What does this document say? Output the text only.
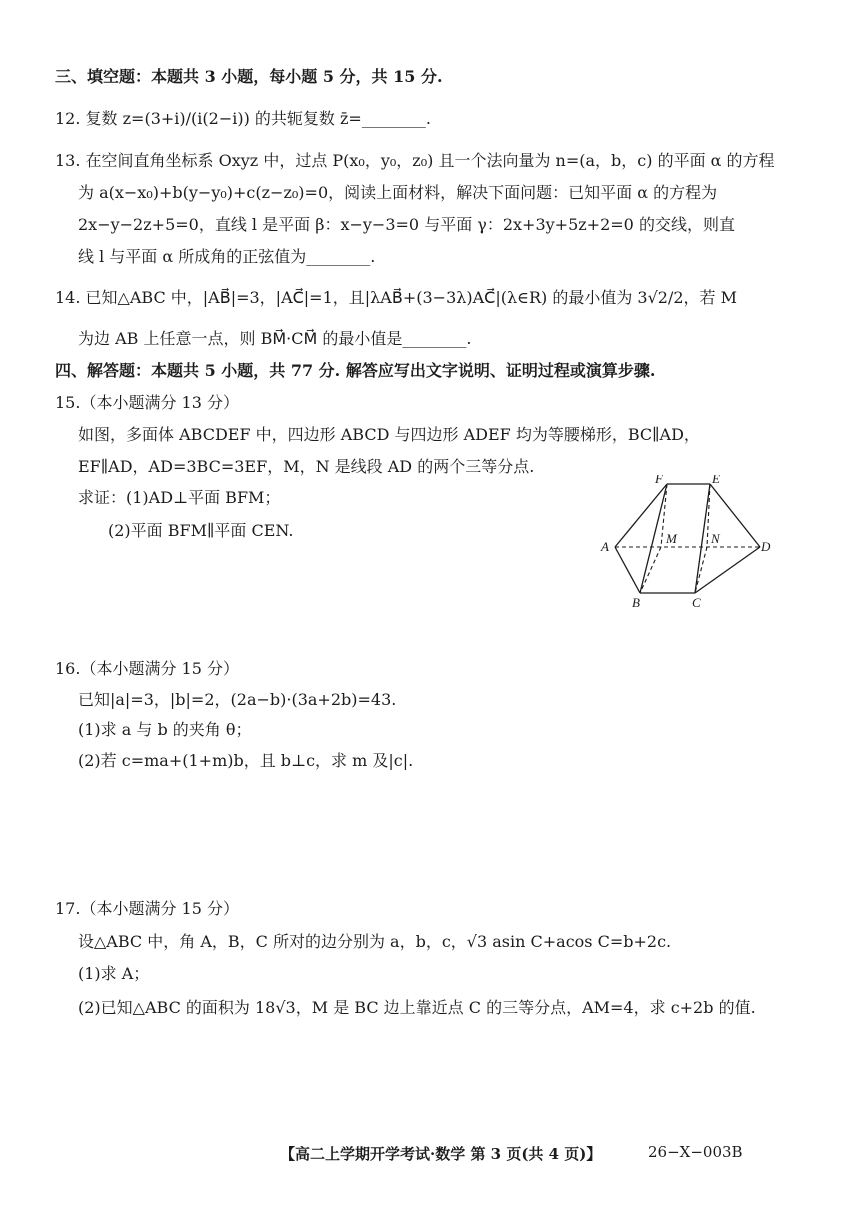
三、填空题：本题共 3 小题，每小题 5 分，共 15 分.
12. 复数 z=(3+i)/(i(2−i)) 的共轭复数 z̄=________.
13. 在空间直角坐标系 Oxyz 中，过点 P(x₀，y₀，z₀) 且一个法向量为 n=(a，b，c) 的平面 α 的方程
为 a(x−x₀)+b(y−y₀)+c(z−z₀)=0，阅读上面材料，解决下面问题：已知平面 α 的方程为
2x−y−2z+5=0，直线 l 是平面 β：x−y−3=0 与平面 γ：2x+3y+5z+2=0 的交线，则直
线 l 与平面 α 所成角的正弦值为________.
14. 已知△ABC 中，|AB⃗|=3，|AC⃗|=1，且|λAB⃗+(3−3λ)AC⃗|(λ∈R) 的最小值为 3√2/2，若 M
为边 AB 上任意一点，则 BM⃗·CM⃗ 的最小值是________.
四、解答题：本题共 5 小题，共 77 分. 解答应写出文字说明、证明过程或演算步骤.
15.（本小题满分 13 分）
如图，多面体 ABCDEF 中，四边形 ABCD 与四边形 ADEF 均为等腰梯形，BC∥AD，
EF∥AD，AD=3BC=3EF，M，N 是线段 AD 的两个三等分点.
求证：(1)AD⊥平面 BFM；
(2)平面 BFM∥平面 CEN.
F	E
A
M	N
D
B	C
16.（本小题满分 15 分）
已知|a|=3，|b|=2，(2a−b)·(3a+2b)=43.
(1)求 a 与 b 的夹角 θ；
(2)若 c=ma+(1+m)b，且 b⊥c，求 m 及|c|.
17.（本小题满分 15 分）
设△ABC 中，角 A，B，C 所对的边分别为 a，b，c，√3 asin C+acos C=b+2c.
(1)求 A；
(2)已知△ABC 的面积为 18√3，M 是 BC 边上靠近点 C 的三等分点，AM=4，求 c+2b 的值.
【高二上学期开学考试·数学 第 3 页(共 4 页)】	26−X−003B
